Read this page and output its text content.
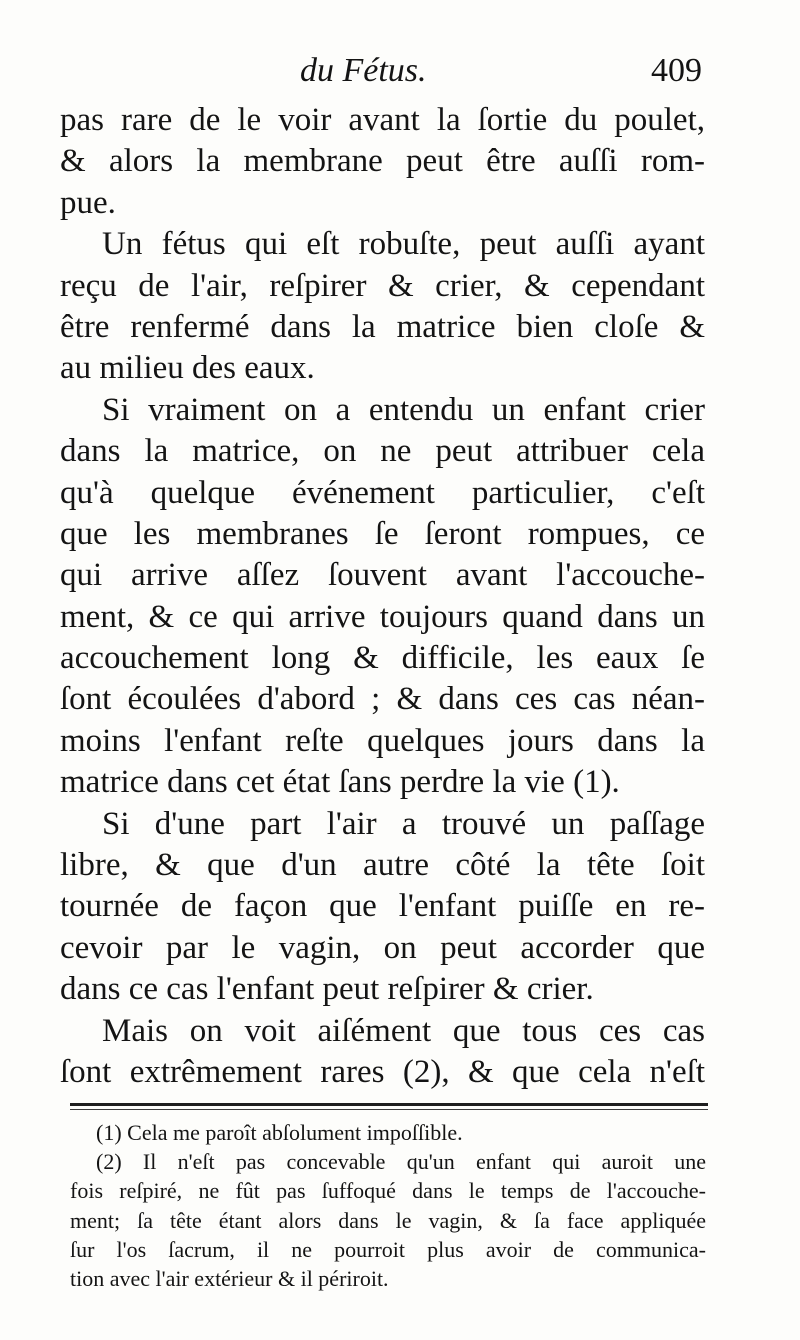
du Fétus.	409
pas rare de le voir avant la ſortie du poulet,
& alors la membrane peut être auſſi rom-
pue.
Un fétus qui eſt robuſte, peut auſſi ayant
reçu de l'air, reſpirer & crier, & cependant
être renfermé dans la matrice bien cloſe &
au milieu des eaux.
Si vraiment on a entendu un enfant crier
dans la matrice, on ne peut attribuer cela
qu'à quelque événement particulier, c'eſt
que les membranes ſe ſeront rompues, ce
qui arrive aſſez ſouvent avant l'accouche-
ment, & ce qui arrive toujours quand dans un
accouchement long & difficile, les eaux ſe
ſont écoulées d'abord ; & dans ces cas néan-
moins l'enfant reſte quelques jours dans la
matrice dans cet état ſans perdre la vie (1).
Si d'une part l'air a trouvé un paſſage
libre, & que d'un autre côté la tête ſoit
tournée de façon que l'enfant puiſſe en re-
cevoir par le vagin, on peut accorder que
dans ce cas l'enfant peut reſpirer & crier.
Mais on voit aiſément que tous ces cas
ſont extrêmement rares (2), & que cela n'eſt
(1) Cela me paroît abſolument impoſſible.
(2) Il n'eſt pas concevable qu'un enfant qui auroit une
fois reſpiré, ne fût pas ſuffoqué dans le temps de l'accouche-
ment; ſa tête étant alors dans le vagin, & ſa face appliquée
ſur l'os ſacrum, il ne pourroit plus avoir de communica-
tion avec l'air extérieur & il périroit.
